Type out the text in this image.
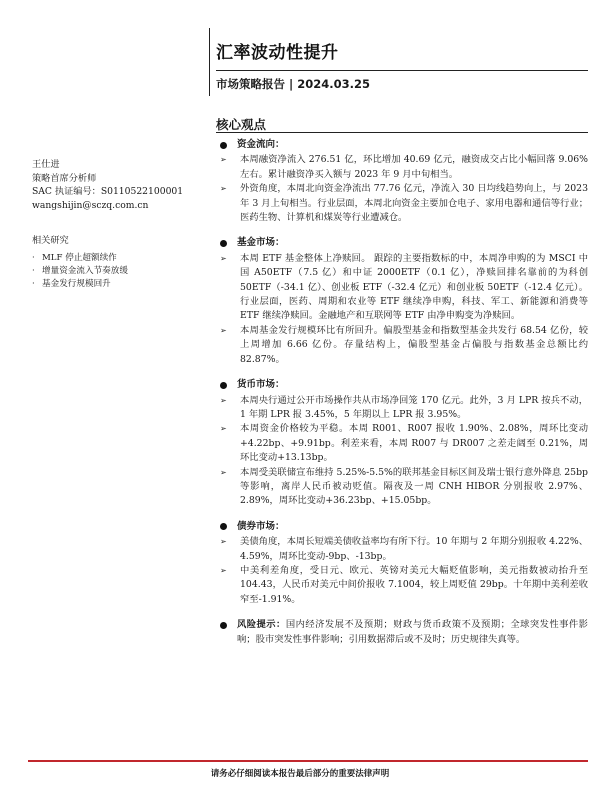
汇率波动性提升
市场策略报告 | 2024.03.25
核心观点
王仕进
策略首席分析师
SAC 执证编号：S0110522100001
wangshijin@sczq.com.cn
相关研究
· MLF 停止超额续作
· 增量资金流入节奏放缓
· 基金发行规模回升
资金流向：
➢	本周融资净流入 276.51 亿，环比增加 40.69 亿元，融资成交占比小幅回落 9.06%左右。累计融资净买入额与 2023 年 9 月中旬相当。
➢	外资角度，本周北向资金净流出 77.76 亿元，净流入 30 日均线趋势向上，与 2023 年 3 月上旬相当。行业层面，本周北向资金主要加仓电子、家用电器和通信等行业；医药生物、计算机和煤炭等行业遭减仓。
基金市场：
➢	本周 ETF 基金整体上净赎回。 跟踪的主要指数标的中，本周净申购的为 MSCI 中国 A50ETF（7.5 亿）和中证 2000ETF（0.1 亿），净赎回排名靠前的为科创 50ETF（-34.1 亿）、创业板 ETF（-32.4 亿元）和创业板 50ETF（-12.4 亿元）。 行业层面，医药、周期和农业等 ETF 继续净申购，科技、军工、新能源和消费等 ETF 继续净赎回。金融地产和互联网等 ETF 由净申购变为净赎回。
➢	本周基金发行规模环比有所回升。偏股型基金和指数型基金共发行 68.54 亿份，较上周增加 6.66 亿份。存量结构上，偏股型基金占偏股与指数基金总额比约 82.87%。
货币市场：
➢	本周央行通过公开市场操作共从市场净回笼 170 亿元。此外，3 月 LPR 按兵不动，1 年期 LPR 报 3.45%，5 年期以上 LPR 报 3.95%。
➢	本周资金价格较为平稳。本周 R001、R007 报收 1.90%、2.08%，周环比变动+4.22bp、+9.91bp。利差来看，本周 R007 与 DR007 之差走阔至 0.21%，周环比变动+13.13bp。
➢	本周受美联储宣布维持 5.25%-5.5%的联邦基金目标区间及瑞士银行意外降息 25bp 等影响，离岸人民币被动贬值。隔夜及一周 CNH HIBOR 分别报收 2.97%、2.89%，周环比变动+36.23bp、+15.05bp。
债券市场：
➢	美债角度，本周长短端美债收益率均有所下行。10 年期与 2 年期分别报收 4.22%、4.59%，周环比变动-9bp、-13bp。
➢	中美利差角度，受日元、欧元、英镑对美元大幅贬值影响，美元指数被动抬升至 104.43，人民币对美元中间价报收 7.1004，较上周贬值 29bp。十年期中美利差收窄至-1.91%。
风险提示：国内经济发展不及预期；财政与货币政策不及预期；全球突发性事件影响；股市突发性事件影响；引用数据滞后或不及时；历史规律失真等。
请务必仔细阅读本报告最后部分的重要法律声明
